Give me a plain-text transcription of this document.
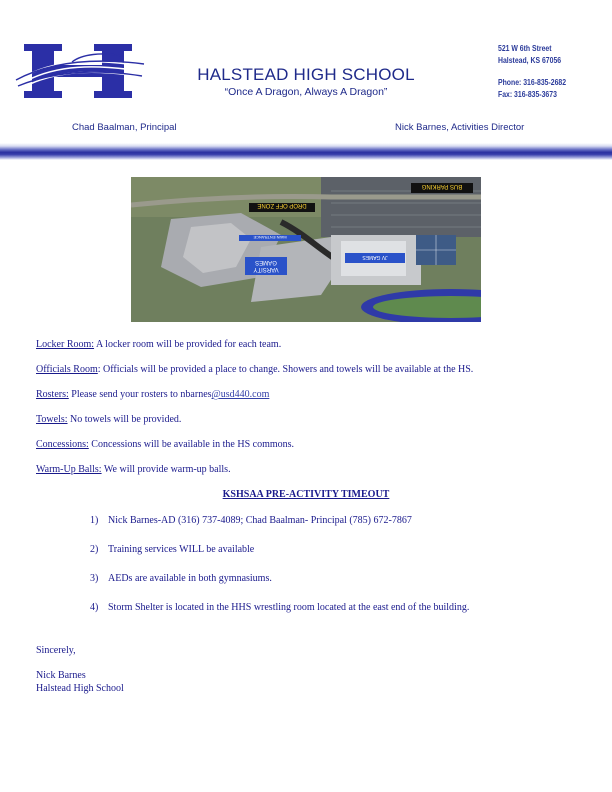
HALSTEAD HIGH SCHOOL
“Once A Dragon, Always A Dragon”
521 W 6th Street
Halstead, KS 67056
Phone: 316-835-2682
Fax: 316-835-3673
Chad Baalman, Principal	Nick Barnes, Activities Director
BUS PARKING
DROP OFF ZONE
MAIN ENTRANCE
VARSITY
GAMES
JV GAMES
Locker Room: A locker room will be provided for each team.
Officials Room: Officials will be provided a place to change. Showers and towels will be available at the HS.
Rosters: Please send your rosters to nbarnes@usd440.com
Towels: No towels will be provided.
Concessions: Concessions will be available in the HS commons.
Warm-Up Balls: We will provide warm-up balls.
KSHSAA PRE-ACTIVITY TIMEOUT
1) Nick Barnes-AD (316) 737-4089; Chad Baalman- Principal (785) 672-7867
2) Training services WILL be available
3) AEDs are available in both gymnasiums.
4) Storm Shelter is located in the HHS wrestling room located at the east end of the building.
Sincerely,
Nick Barnes
Halstead High School
